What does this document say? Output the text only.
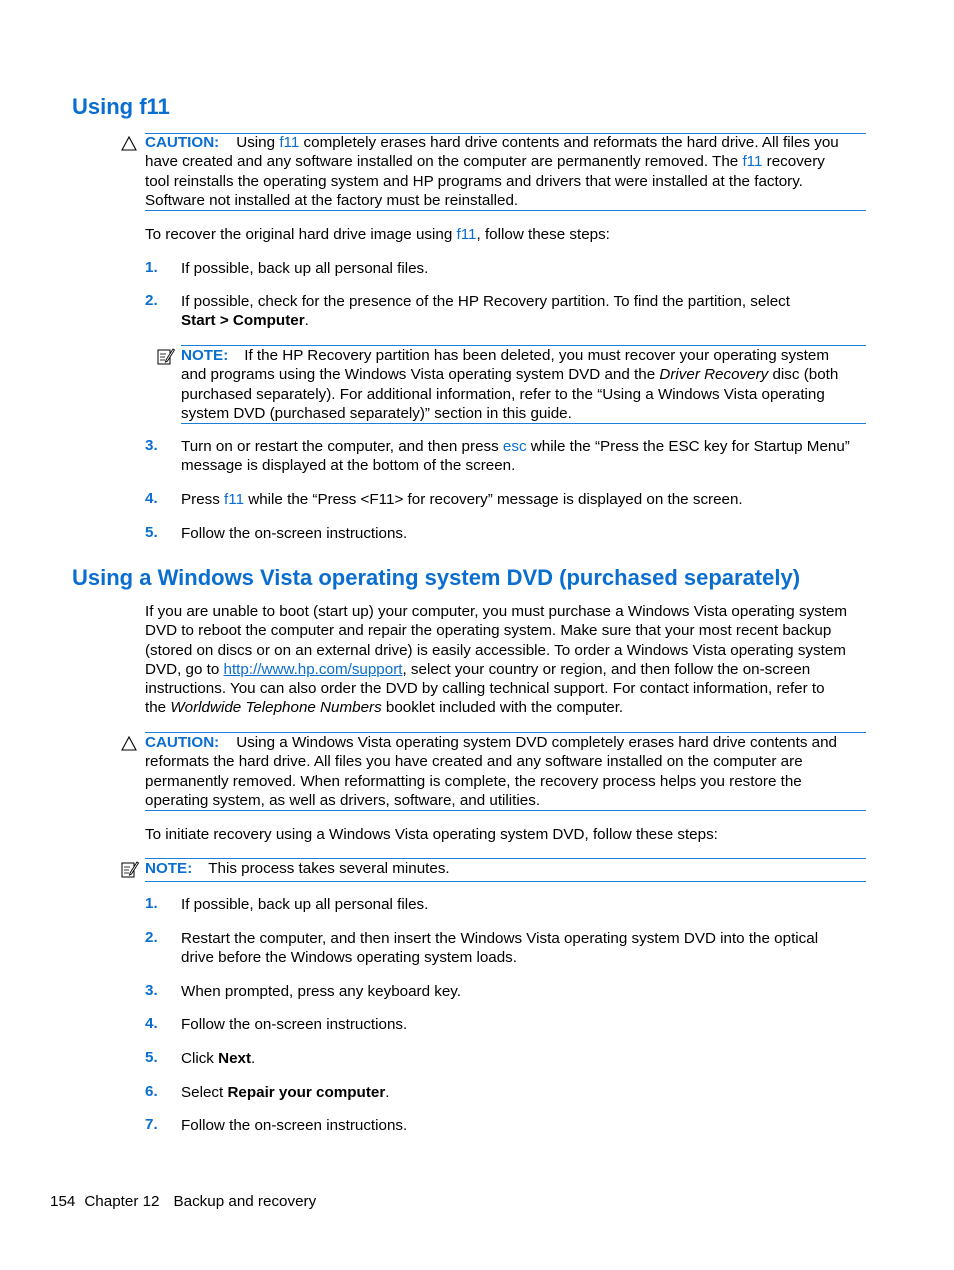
Using f11
CAUTION: Using f11 completely erases hard drive contents and reformats the hard drive. All files you
have created and any software installed on the computer are permanently removed. The f11 recovery
tool reinstalls the operating system and HP programs and drivers that were installed at the factory.
Software not installed at the factory must be reinstalled.
To recover the original hard drive image using f11, follow these steps:
1. If possible, back up all personal files.
2. If possible, check for the presence of the HP Recovery partition. To find the partition, select
Start > Computer.
NOTE: If the HP Recovery partition has been deleted, you must recover your operating system
and programs using the Windows Vista operating system DVD and the Driver Recovery disc (both
purchased separately). For additional information, refer to the “Using a Windows Vista operating
system DVD (purchased separately)” section in this guide.
3. Turn on or restart the computer, and then press esc while the “Press the ESC key for Startup Menu”
message is displayed at the bottom of the screen.
4. Press f11 while the “Press <F11> for recovery” message is displayed on the screen.
5. Follow the on-screen instructions.
Using a Windows Vista operating system DVD (purchased separately)
If you are unable to boot (start up) your computer, you must purchase a Windows Vista operating system
DVD to reboot the computer and repair the operating system. Make sure that your most recent backup
(stored on discs or on an external drive) is easily accessible. To order a Windows Vista operating system
DVD, go to http://www.hp.com/support, select your country or region, and then follow the on-screen
instructions. You can also order the DVD by calling technical support. For contact information, refer to
the Worldwide Telephone Numbers booklet included with the computer.
CAUTION: Using a Windows Vista operating system DVD completely erases hard drive contents and
reformats the hard drive. All files you have created and any software installed on the computer are
permanently removed. When reformatting is complete, the recovery process helps you restore the
operating system, as well as drivers, software, and utilities.
To initiate recovery using a Windows Vista operating system DVD, follow these steps:
NOTE: This process takes several minutes.
1. If possible, back up all personal files.
2. Restart the computer, and then insert the Windows Vista operating system DVD into the optical
drive before the Windows operating system loads.
3. When prompted, press any keyboard key.
4. Follow the on-screen instructions.
5. Click Next.
6. Select Repair your computer.
7. Follow the on-screen instructions.
154 Chapter 12 Backup and recovery
